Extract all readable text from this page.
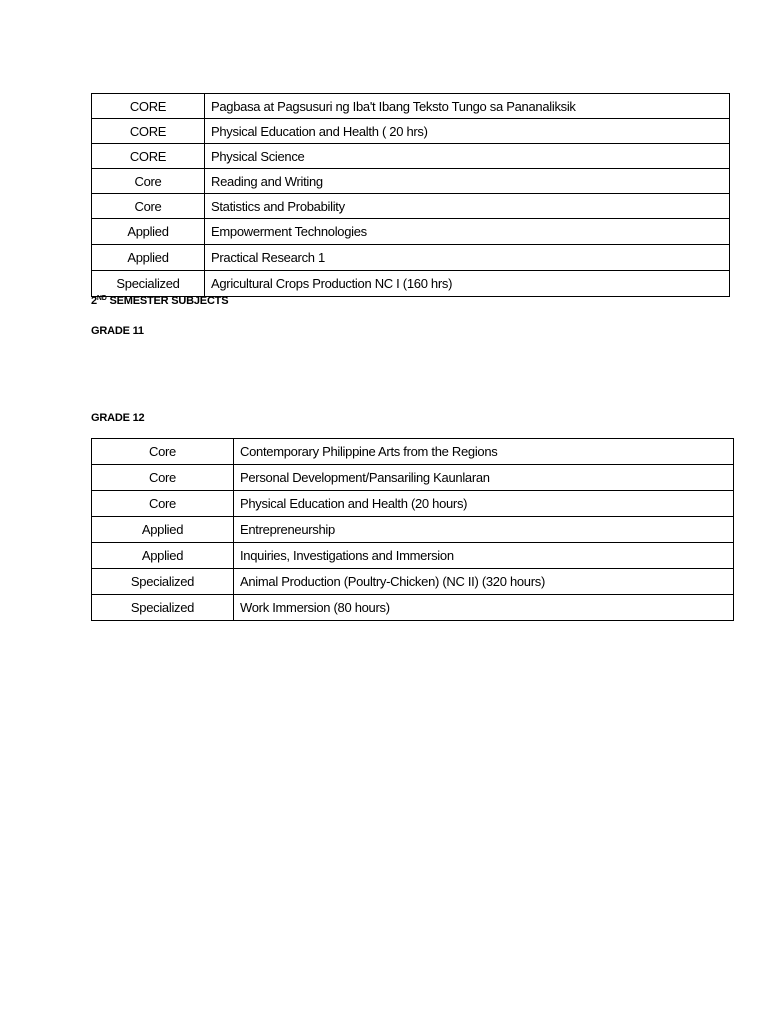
CORE	Pagbasa at Pagsusuri ng Iba't Ibang Teksto Tungo sa Pananaliksik
CORE	Physical Education and Health ( 20 hrs)
CORE	Physical Science
Core	Reading and Writing
Core	Statistics and Probability
Applied	Empowerment Technologies
Applied	Practical Research 1
Specialized	Agricultural Crops Production NC I (160 hrs)
2ND SEMESTER SUBJECTS
GRADE 11
GRADE 12
Core	Contemporary Philippine Arts from the Regions
Core	Personal Development/Pansariling Kaunlaran
Core	Physical Education and Health (20 hours)
Applied	Entrepreneurship
Applied	Inquiries, Investigations and Immersion
Specialized	Animal Production (Poultry-Chicken) (NC II) (320 hours)
Specialized	Work Immersion (80 hours)
